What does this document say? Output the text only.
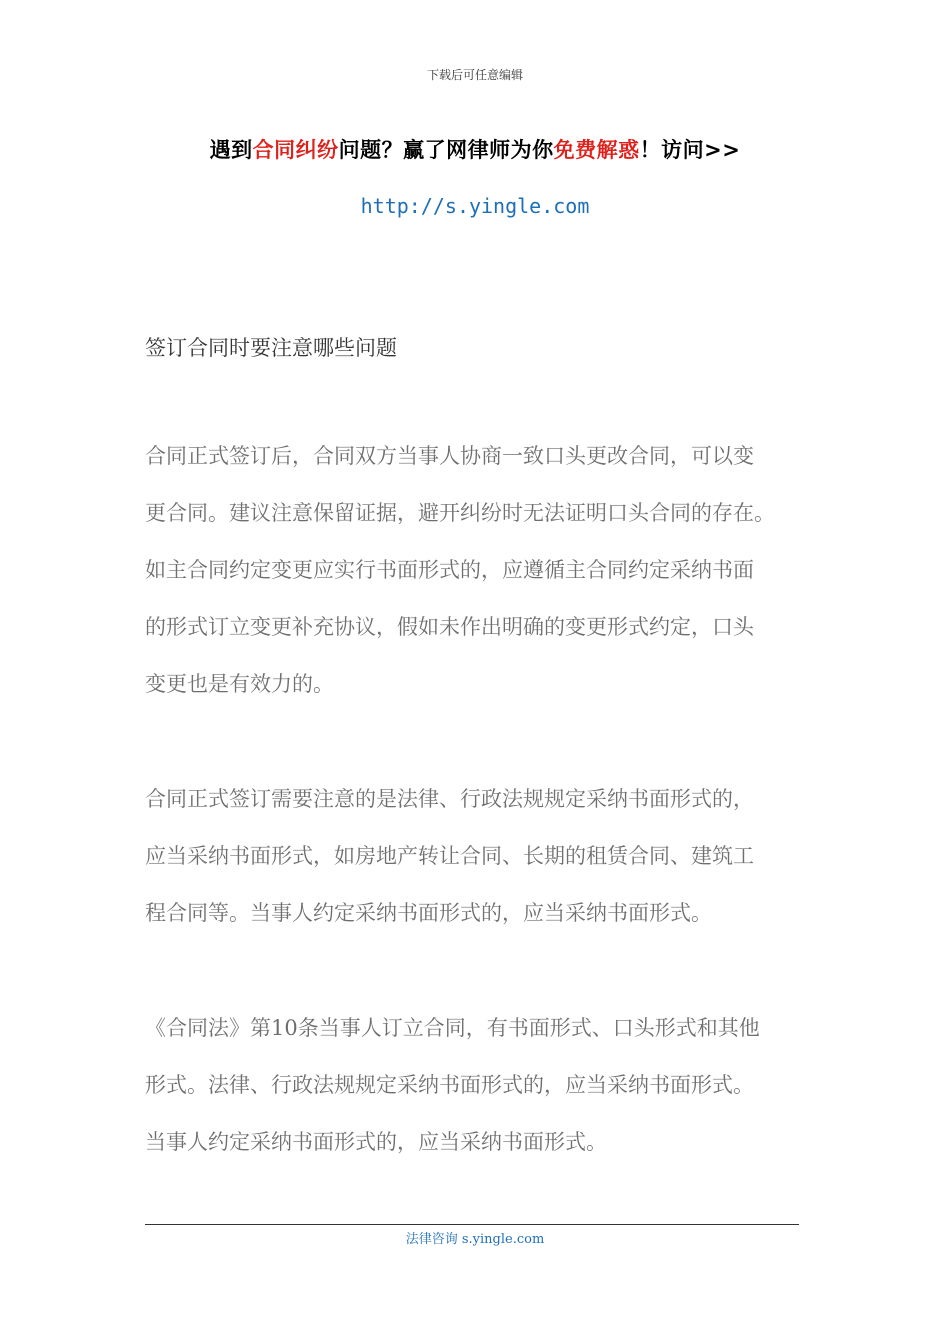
下载后可任意编辑
遇到合同纠纷问题？赢了网律师为你免费解惑！访问>>
http://s.yingle.com
签订合同时要注意哪些问题
合同正式签订后，合同双方当事人协商一致口头更改合同，可以变
更合同。建议注意保留证据，避开纠纷时无法证明口头合同的存在。
如主合同约定变更应实行书面形式的，应遵循主合同约定采纳书面
的形式订立变更补充协议，假如未作出明确的变更形式约定，口头
变更也是有效力的。
合同正式签订需要注意的是法律、行政法规规定采纳书面形式的，
应当采纳书面形式，如房地产转让合同、长期的租赁合同、建筑工
程合同等。当事人约定采纳书面形式的，应当采纳书面形式。
《合同法》第10条当事人订立合同，有书面形式、口头形式和其他
形式。法律、行政法规规定采纳书面形式的，应当采纳书面形式。
当事人约定采纳书面形式的，应当采纳书面形式。
法律咨询 s.yingle.com
